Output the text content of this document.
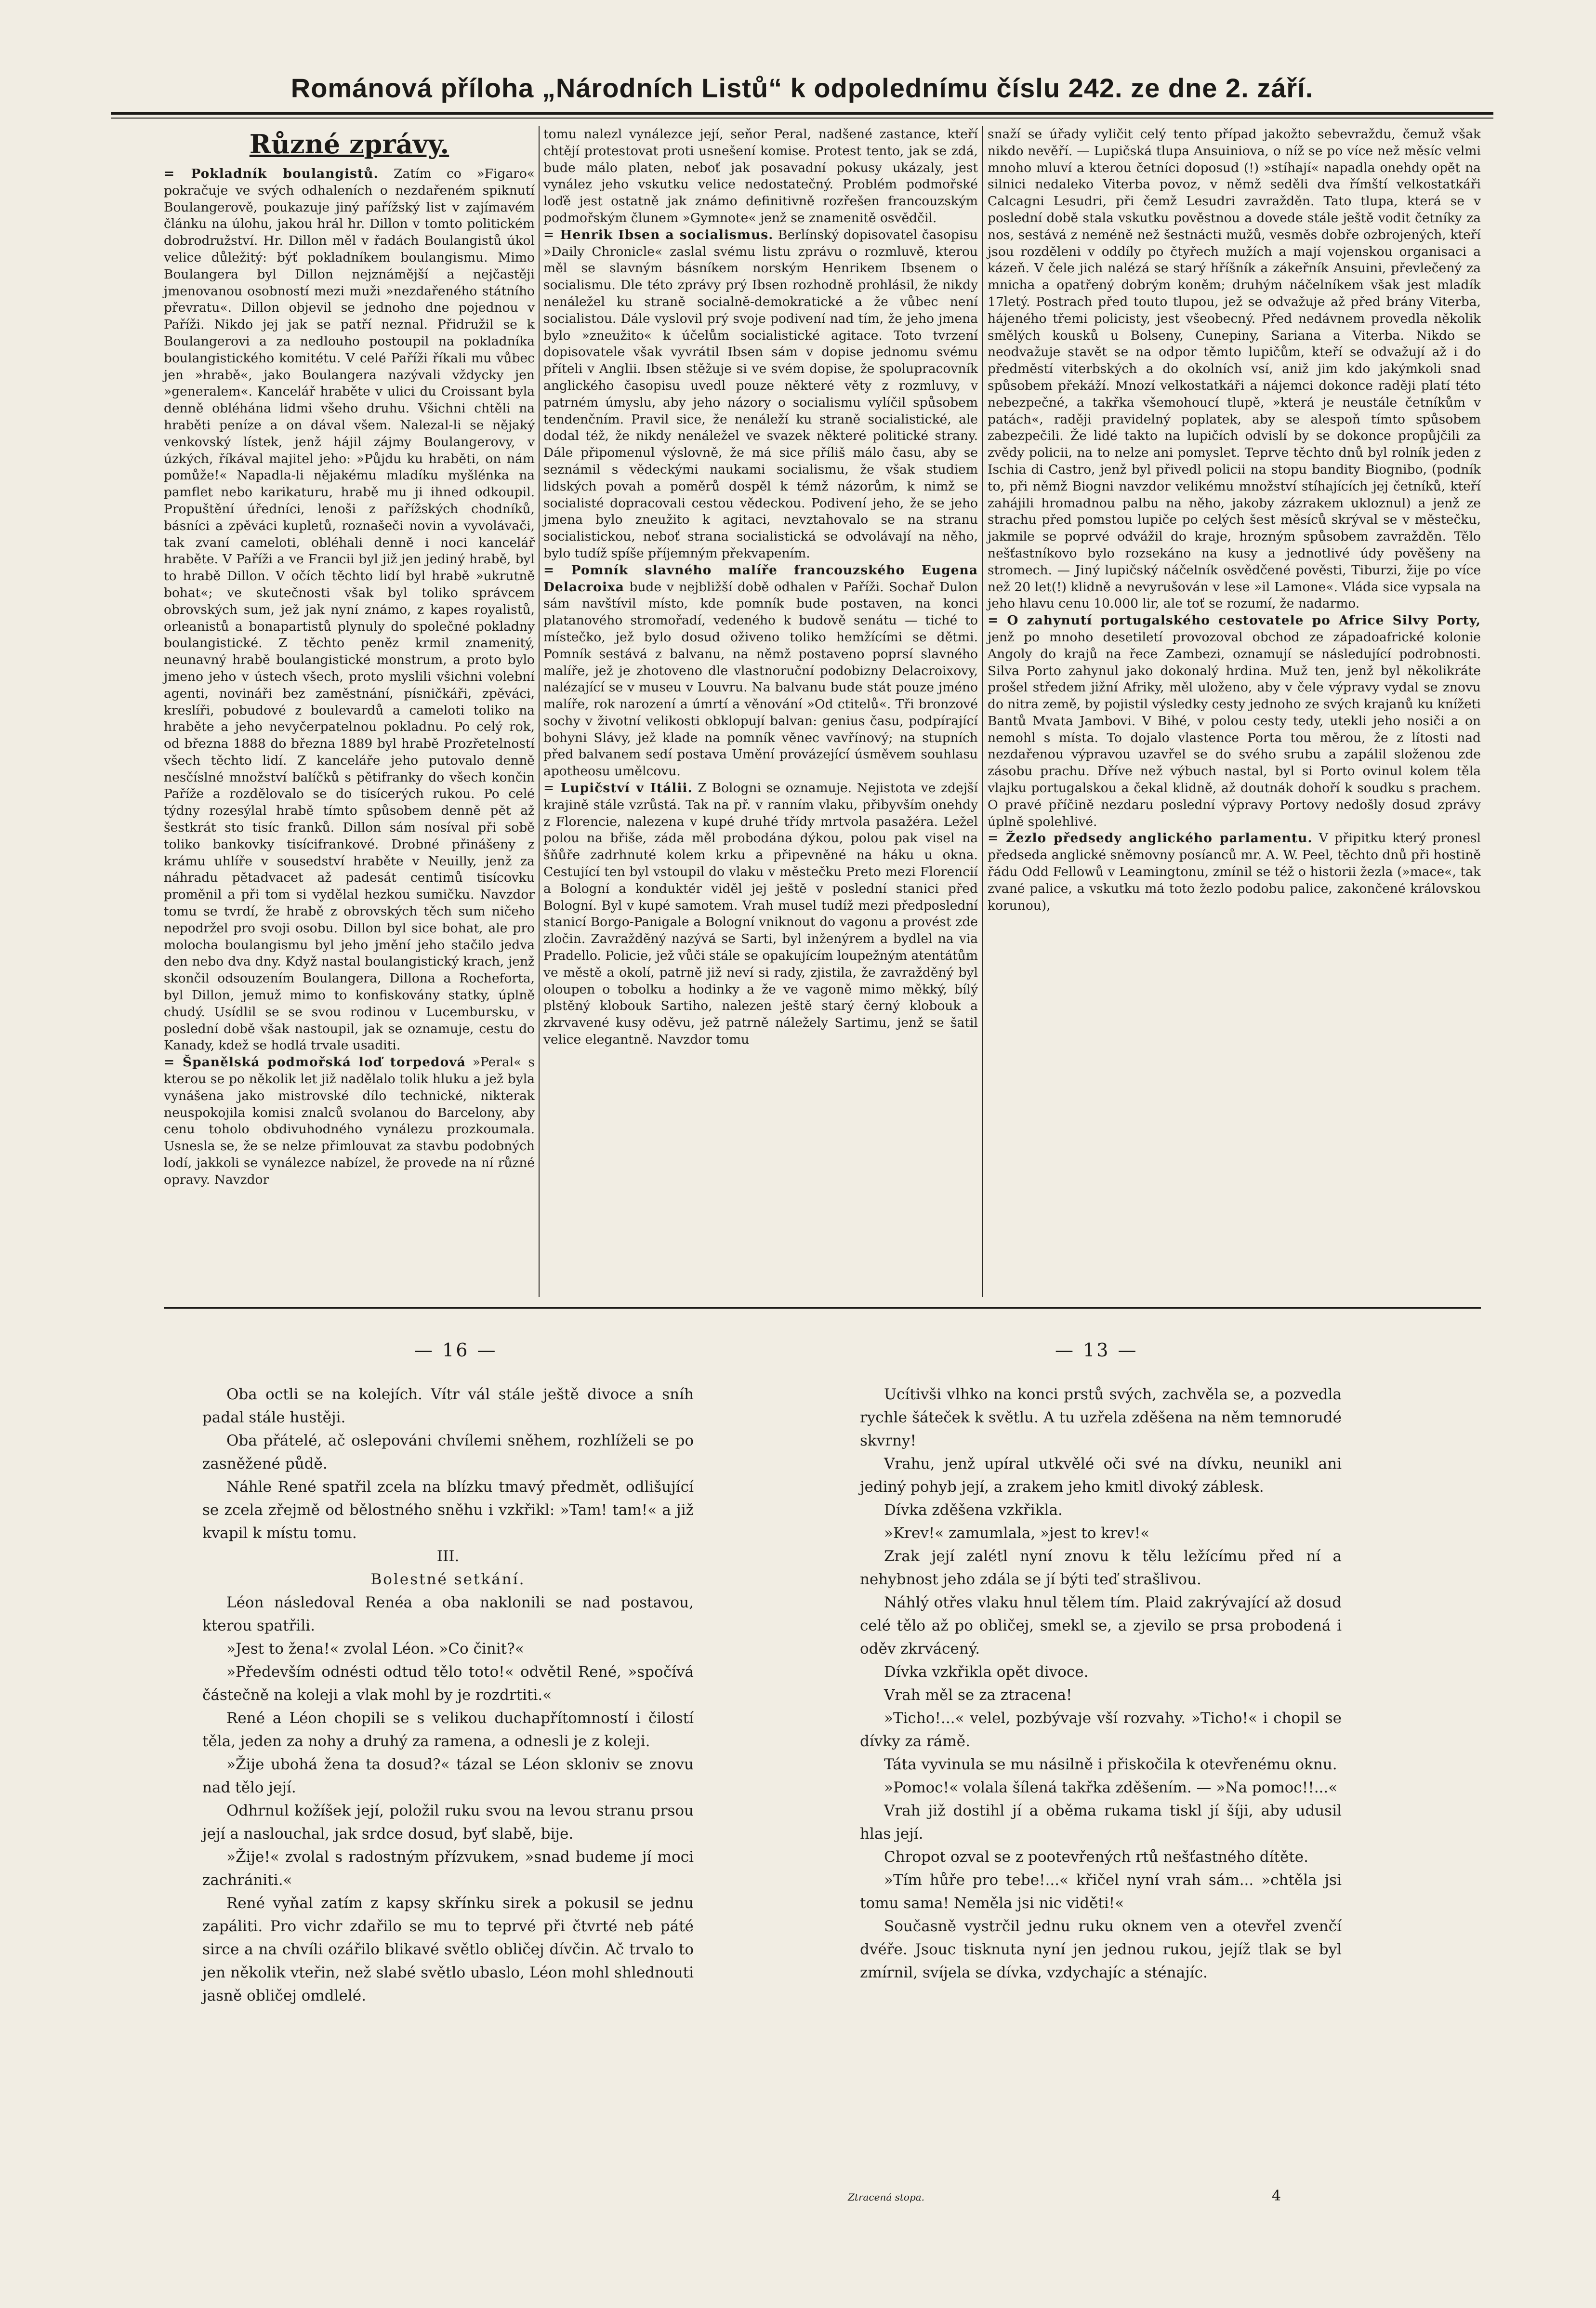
Románová příloha „Národních Listů“ k odpolednímu číslu 242. ze dne 2. září.
Různé zprávy.

= Pokladník boulangistů. Zatím co »Figaro« pokračuje ve svých odhaleních o nezdařeném spiknutí Boulangerově, poukazuje jiný pařížský list v zajímavém článku na úlohu, jakou hrál hr. Dillon v tomto politickém dobrodružství. Hr. Dillon měl v řadách Boulangistů úkol velice důležitý: býť pokladníkem boulangismu. Mimo Boulangera byl Dillon nejznámější a nejčastěji jmenovanou osobností mezi muži »nezdařeného státního převratu«. Dillon objevil se jednoho dne pojednou v Paříži. Nikdo jej jak se patří neznal. Přidružil se k Boulangerovi a za nedlouho postoupil na pokladníka boulangistického komitétu. V celé Paříži říkali mu vůbec jen »hrabě«, jako Boulangera nazývali vždycky jen »generalem«. Kancelář hraběte v ulici du Croissant byla denně obléhána lidmi všeho druhu. Všichni chtěli na hraběti peníze a on dával všem. Nalezal-li se nějaký venkovský lístek, jenž hájil zájmy Boulangerovy, v úzkých, říkával majitel jeho: »Půjdu ku hraběti, on nám pomůže!« Napadla-li nějakému mladíku myšlénka na pamflet nebo karikaturu, hrabě mu ji ihned odkoupil. Propuštění úředníci, lenoši z pařížských chodníků, básníci a zpěváci kupletů, roznašeči novin a vyvolávači, tak zvaní cameloti, obléhali denně i noci kancelář hraběte. V Paříži a ve Francii byl již jen jediný hrabě, byl to hrabě Dillon. V očích těchto lidí byl hrabě »ukrutně bohat«; ve skutečnosti však byl toliko správcem obrovských sum, jež jak nyní známo, z kapes royalistů, orleanistů a bonapartistů plynuly do společné pokladny boulangistické. Z těchto peněz krmil znamenitý, neunavný hrabě boulangistické monstrum, a proto bylo jmeno jeho v ústech všech, proto myslili všichni volební agenti, novináři bez zaměstnání, písničkáři, zpěváci, kreslíři, pobudové z boulevardů a cameloti toliko na hraběte a jeho nevyčerpatelnou pokladnu. Po celý rok, od března 1888 do března 1889 byl hrabě Prozřetelností všech těchto lidí. Z kanceláře jeho putovalo denně nesčíslné množství balíčků s pětifranky do všech končin Paříže a rozdělovalo se do tisícerých rukou. Po celé týdny rozesýlal hrabě tímto spůsobem denně pět až šestkrát sto tisíc franků. Dillon sám nosíval při sobě toliko bankovky tisícifrankové. Drobné přinášeny z krámu uhlíře v sousedství hraběte v Neuilly, jenž za náhradu pětadvacet až padesát centimů tisícovku proměnil a při tom si vydělal hezkou sumičku. Navzdor tomu se tvrdí, že hrabě z obrovských těch sum ničeho nepodržel pro svoji osobu. Dillon byl sice bohat, ale pro molocha boulangismu byl jeho jmění jeho stačilo jedva den nebo dva dny. Když nastal boulangistický krach, jenž skončil odsouzením Boulangera, Dillona a Rocheforta, byl Dillon, jemuž mimo to konfiskovány statky, úplně chudý. Usídlil se se svou rodinou v Lucembursku, v poslední době však nastoupil, jak se oznamuje, cestu do Kanady, kdež se hodlá trvale usaditi.

= Španělská podmořská loď torpedová »Peral« s kterou se po několik let již nadělalo tolik hluku a jež byla vynášena jako mistrovské dílo technické, nikterak neuspokojila komisi znalců svolanou do Barcelony, aby cenu toholo obdivuhodného vynálezu prozkoumala. Usnesla se, že se nelze přimlouvat za stavbu podobných lodí, jakkoli se vynálezce nabízel, že provede na ní různé opravy. Navzdor

tomu nalezl vynálezce její, seňor Peral, nadšené zastance, kteří chtějí protestovat proti usnešení komise. Protest tento, jak se zdá, bude málo platen, neboť jak posavadní pokusy ukázaly, jest vynález jeho vskutku velice nedostatečný. Problém podmořské loďě jest ostatně jak známo definitivně rozřešen francouzským podmořským člunem »Gymnote« jenž se znamenitě osvědčil.

= Henrik Ibsen a socialismus. Berlínský dopisovatel časopisu »Daily Chronicle« zaslal svému listu zprávu o rozmluvě, kterou měl se slavným básníkem norským Henrikem Ibsenem o socialismu. Dle této zprávy prý Ibsen rozhodně prohlásil, že nikdy nenáležel ku straně socialně-demokratické a že vůbec není socialistou. Dále vyslovil prý svoje podivení nad tím, že jeho jmena bylo »zneužito« k účelům socialistické agitace. Toto tvrzení dopisovatele však vyvrátil Ibsen sám v dopise jednomu svému příteli v Anglii. Ibsen stěžuje si ve svém dopise, že spolupracovník anglického časopisu uvedl pouze některé věty z rozmluvy, v patrném úmyslu, aby jeho názory o socialismu vylíčil spůsobem tendenčním. Pravil sice, že nenáleží ku straně socialistické, ale dodal též, že nikdy nenáležel ve svazek některé politické strany. Dále připomenul výslovně, že má sice příliš málo času, aby se seznámil s vědeckými naukami socialismu, že však studiem lidských povah a poměrů dospěl k témž názorům, k nimž se socialisté dopracovali cestou vědeckou. Podivení jeho, že se jeho jmena bylo zneužito k agitaci, nevztahovalo se na stranu socialistickou, neboť strana socialistická se odvolávají na něho, bylo tudíž spíše příjemným překvapením.

= Pomník slavného malíře francouzského Eugena Delacroixa bude v nejbližší době odhalen v Paříži. Sochař Dulon sám navštívil místo, kde pomník bude postaven, na konci platanového stromořadí, vedeného k budově senátu — tiché to místečko, jež bylo dosud oživeno toliko hemžícími se dětmi. Pomník sestává z balvanu, na němž postaveno poprsí slavného malíře, jež je zhotoveno dle vlastnoruční podobizny Delacroixovy, nalézající se v museu v Louvru. Na balvanu bude stát pouze jméno malíře, rok narození a úmrtí a věnování »Od ctitelů«. Tři bronzové sochy v životní velikosti obklopují balvan: genius času, podpírající bohyni Slávy, jež klade na pomník věnec vavřínový; na stupních před balvanem sedí postava Umění provázející úsměvem souhlasu apotheosu umělcovu.

= Lupičství v Itálii. Z Bologni se oznamuje. Nejistota ve zdejší krajině stále vzrůstá. Tak na př. v ranním vlaku, přibyvším onehdy z Florencie, nalezena v kupé druhé třídy mrtvola pasažéra. Ležel polou na břiše, záda měl probodána dýkou, polou pak visel na šňůře zadrhnuté kolem krku a připevněné na háku u okna. Cestující ten byl vstoupil do vlaku v městečku Preto mezi Florencií a Bologní a konduktér viděl jej ještě v poslední stanici před Bologní. Byl v kupé samotem. Vrah musel tudíž mezi předposlední stanicí Borgo-Panigale a Bologní vniknout do vagonu a provést zde zločin. Zavražděný nazývá se Sarti, byl inženýrem a bydlel na via Pradello. Policie, jež vůči stále se opakujícím loupežným atentátům ve městě a okolí, patrně již neví si rady, zjistila, že zavražděný byl oloupen o tobolku a hodinky a že ve vagoně mimo měkký, bílý plstěný klobouk Sartiho, nalezen ještě starý černý klobouk a zkrvavené kusy oděvu, jež patrně náležely Sartimu, jenž se šatil velice elegantně. Navzdor tomu

snaží se úřady vyličit celý tento případ jakožto sebevraždu, čemuž však nikdo nevěří. — Lupičská tlupa Ansuiniova, o níž se po více než měsíc velmi mnoho mluví a kterou četníci doposud (!) »stíhají« napadla onehdy opět na silnici nedaleko Viterba povoz, v němž seděli dva římští velkostatkáři Calcagni Lesudri, při čemž Lesudri zavražděn. Tato tlupa, která se v poslední době stala vskutku pověstnou a dovede stále ještě vodit četníky za nos, sestává z neméně než šestnácti mužů, vesměs dobře ozbrojených, kteří jsou rozděleni v oddíly po čtyřech mužích a mají vojenskou organisaci a kázeň. V čele jich nalézá se starý hříšník a zákeřník Ansuini, převlečený za mnicha a opatřený dobrým koněm; druhým náčelníkem však jest mladík 17letý. Postrach před touto tlupou, jež se odvažuje až před brány Viterba, hájeného třemi policisty, jest všeobecný. Před nedávnem provedla několik smělých kousků u Bolseny, Cunepiny, Sariana a Viterba. Nikdo se neodvažuje stavět se na odpor těmto lupičům, kteří se odvažují až i do předměstí viterbských a do okolních vsí, aniž jim kdo jakýmkoli snad spůsobem překáží. Mnozí velkostatkáři a nájemci dokonce raději platí této nebezpečné, a takřka všemohoucí tlupě, »která je neustále četníkům v patách«, raději pravidelný poplatek, aby se alespoň tímto spůsobem zabezpečili. Že lidé takto na lupičích odvislí by se dokonce propůjčili za zvědy policii, na to nelze ani pomyslet. Teprve těchto dnů byl rolník jeden z Ischia di Castro, jenž byl přivedl policii na stopu bandity Biognibo, (podník to, při němž Biogni navzdor velikému množství stíhajících jej četníků, kteří zahájili hromadnou palbu na něho, jakoby zázrakem ukloznul) a jenž ze strachu před pomstou lupiče po celých šest měsíců skrýval se v městečku, jakmile se poprvé odvážil do kraje, hrozným spůsobem zavražděn. Tělo nešťastníkovo bylo rozsekáno na kusy a jednotlivé údy pověšeny na stromech. — Jiný lupičský náčelník osvědčené pověsti, Tiburzi, žije po více než 20 let(!) klidně a nevyrušován v lese »il Lamone«. Vláda sice vypsala na jeho hlavu cenu 10.000 lir, ale toť se rozumí, že nadarmo.

= O zahynutí portugalského cestovatele po Africe Silvy Porty, jenž po mnoho desetiletí provozoval obchod ze západoafrické kolonie Angoly do krajů na řece Zambezi, oznamují se následující podrobnosti. Silva Porto zahynul jako dokonalý hrdina. Muž ten, jenž byl několikráte prošel středem jižní Afriky, měl uloženo, aby v čele výpravy vydal se znovu do nitra země, by pojistil výsledky cesty jednoho ze svých krajanů ku knížeti Bantů Mvata Jambovi. V Bihé, v polou cesty tedy, utekli jeho nosiči a on nemohl s místa. To dojalo vlastence Porta tou měrou, že z lítosti nad nezdařenou výpravou uzavřel se do svého srubu a zapálil složenou zde zásobu prachu. Dříve než výbuch nastal, byl si Porto ovinul kolem těla vlajku portugalskou a čekal klidně, až doutnák dohoří k soudku s prachem. O pravé příčině nezdaru poslední výpravy Portovy nedošly dosud zprávy úplně spolehlivé.

= Žezlo předsedy anglického parlamentu. V připitku který pronesl předseda anglické sněmovny posíanců mr. A. W. Peel, těchto dnů při hostině řádu Odd Fellowů v Leamingtonu, zmínil se též o historii žezla (»mace«, tak zvané palice, a vskutku má toto žezlo podobu palice, zakončené královskou korunou),

— 16 —	— 13 —

Oba octli se na kolejích. Vítr vál stále ještě divoce a sníh padal stále hustěji.

Oba přátelé, ač oslepováni chvílemi sněhem, rozhlíželi se po zasněžené půdě.

Náhle René spatřil zcela na blízku tmavý předmět, odlišující se zcela zřejmě od bělostného sněhu i vzkřikl: »Tam! tam!« a již kvapil k místu tomu.

III.

Bolestné setkání.

Léon následoval Renéa a oba naklonili se nad postavou, kterou spatřili.

»Jest to žena!« zvolal Léon. »Co činit?«

»Především odnésti odtud tělo toto!« odvětil René, »spočívá částečně na koleji a vlak mohl by je rozdrtiti.«

René a Léon chopili se s velikou duchapřítomností i čilostí těla, jeden za nohy a druhý za ramena, a odnesli je z koleji.

»Žije ubohá žena ta dosud?« tázal se Léon skloniv se znovu nad tělo její.

Odhrnul kožíšek její, položil ruku svou na levou stranu prsou její a naslouchal, jak srdce dosud, byť slabě, bije.

»Žije!« zvolal s radostným přízvukem, »snad budeme jí moci zachrániti.«

René vyňal zatím z kapsy skřínku sirek a pokusil se jednu zapáliti. Pro vichr zdařilo se mu to teprvé při čtvrté neb páté sirce a na chvíli ozářilo blikavé světlo obličej dívčin. Ač trvalo to jen několik vteřin, než slabé světlo ubaslo, Léon mohl shlednouti jasně obličej omdlelé.

Ucítivši vlhko na konci prstů svých, zachvěla se, a pozvedla rychle šáteček k světlu. A tu uzřela zděšena na něm temnorudé skvrny!

Vrahu, jenž upíral utkvělé oči své na dívku, neunikl ani jediný pohyb její, a zrakem jeho kmitl divoký záblesk.

Dívka zděšena vzkřikla.

»Krev!« zamumlala, »jest to krev!«

Zrak její zalétl nyní znovu k tělu ležícímu před ní a nehybnost jeho zdála se jí býti teď strašlivou.

Náhlý otřes vlaku hnul tělem tím. Plaid zakrývající až dosud celé tělo až po obličej, smekl se, a zjevilo se prsa probodená i oděv zkrvácený.

Dívka vzkřikla opět divoce.

Vrah měl se za ztracena!

»Ticho!...« velel, pozbývaje vší rozvahy. »Ticho!« i chopil se dívky za rámě.

Táta vyvinula se mu násilně i přiskočila k otevřenému oknu.

»Pomoc!« volala šílená takřka zděšením. — »Na pomoc!!...«

Vrah již dostihl jí a oběma rukama tiskl jí šíji, aby udusil hlas její.

Chropot ozval se z pootevřených rtů nešťastného dítěte.

»Tím hůře pro tebe!...« křičel nyní vrah sám... »chtěla jsi tomu sama! Neměla jsi nic viděti!«

Současně vystrčil jednu ruku oknem ven a otevřel zvenčí dvéře. Jsouc tisknuta nyní jen jednou rukou, jejíž tlak se byl zmírnil, svíjela se dívka, vzdychajíc a sténajíc.

Ztracená stopa.	4
